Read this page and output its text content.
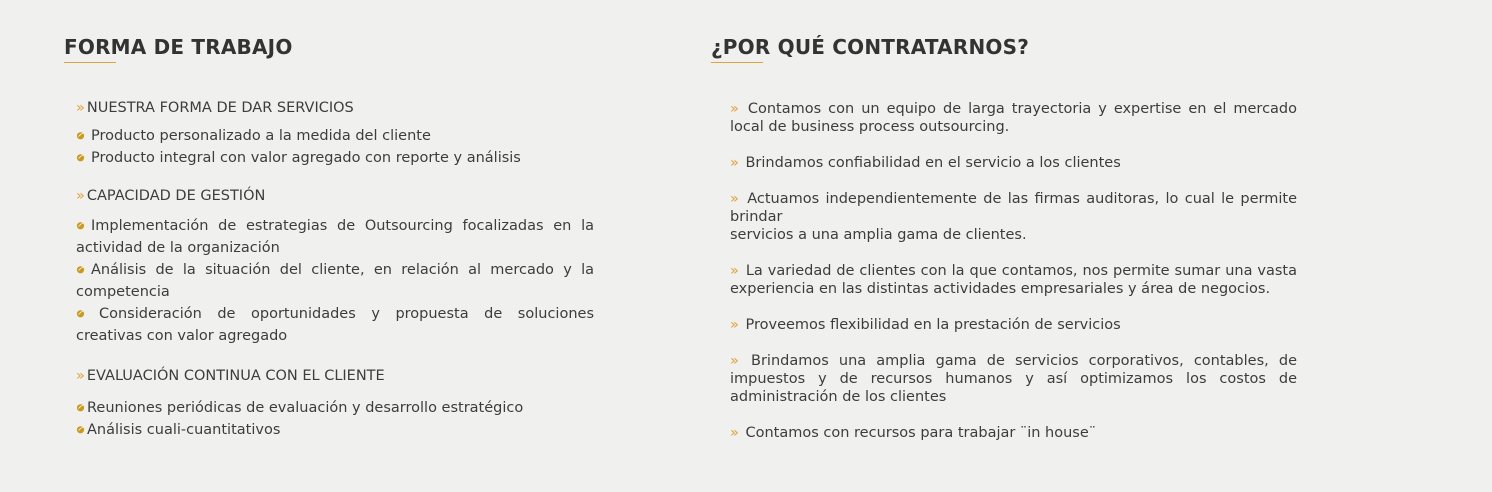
FORMA DE TRABAJO
» NUESTRA FORMA DE DAR SERVICIOS
Producto personalizado a la medida del cliente
Producto integral con valor agregado con reporte y análisis
» CAPACIDAD DE GESTIÓN
Implementación de estrategias de Outsourcing focalizadas en la actividad de la organización
Análisis de la situación del cliente, en relación al mercado y la competencia
Consideración de oportunidades y propuesta de soluciones creativas con valor agregado
» EVALUACIÓN CONTINUA CON EL CLIENTE
Reuniones periódicas de evaluación y desarrollo estratégico
Análisis cuali-cuantitativos
¿POR QUÉ CONTRATARNOS?
» Contamos con un equipo de larga trayectoria y expertise en el mercado local de business process outsourcing.
» Brindamos confiabilidad en el servicio a los clientes
» Actuamos independientemente de las firmas auditoras, lo cual le permite brindar
servicios a una amplia gama de clientes.
» La variedad de clientes con la que contamos, nos permite sumar una vasta experiencia en las distintas actividades empresariales y área de negocios.
» Proveemos flexibilidad en la prestación de servicios
» Brindamos una amplia gama de servicios corporativos, contables, de impuestos y de recursos humanos y así optimizamos los costos de administración de los clientes
» Contamos con recursos para trabajar ¨in house¨
